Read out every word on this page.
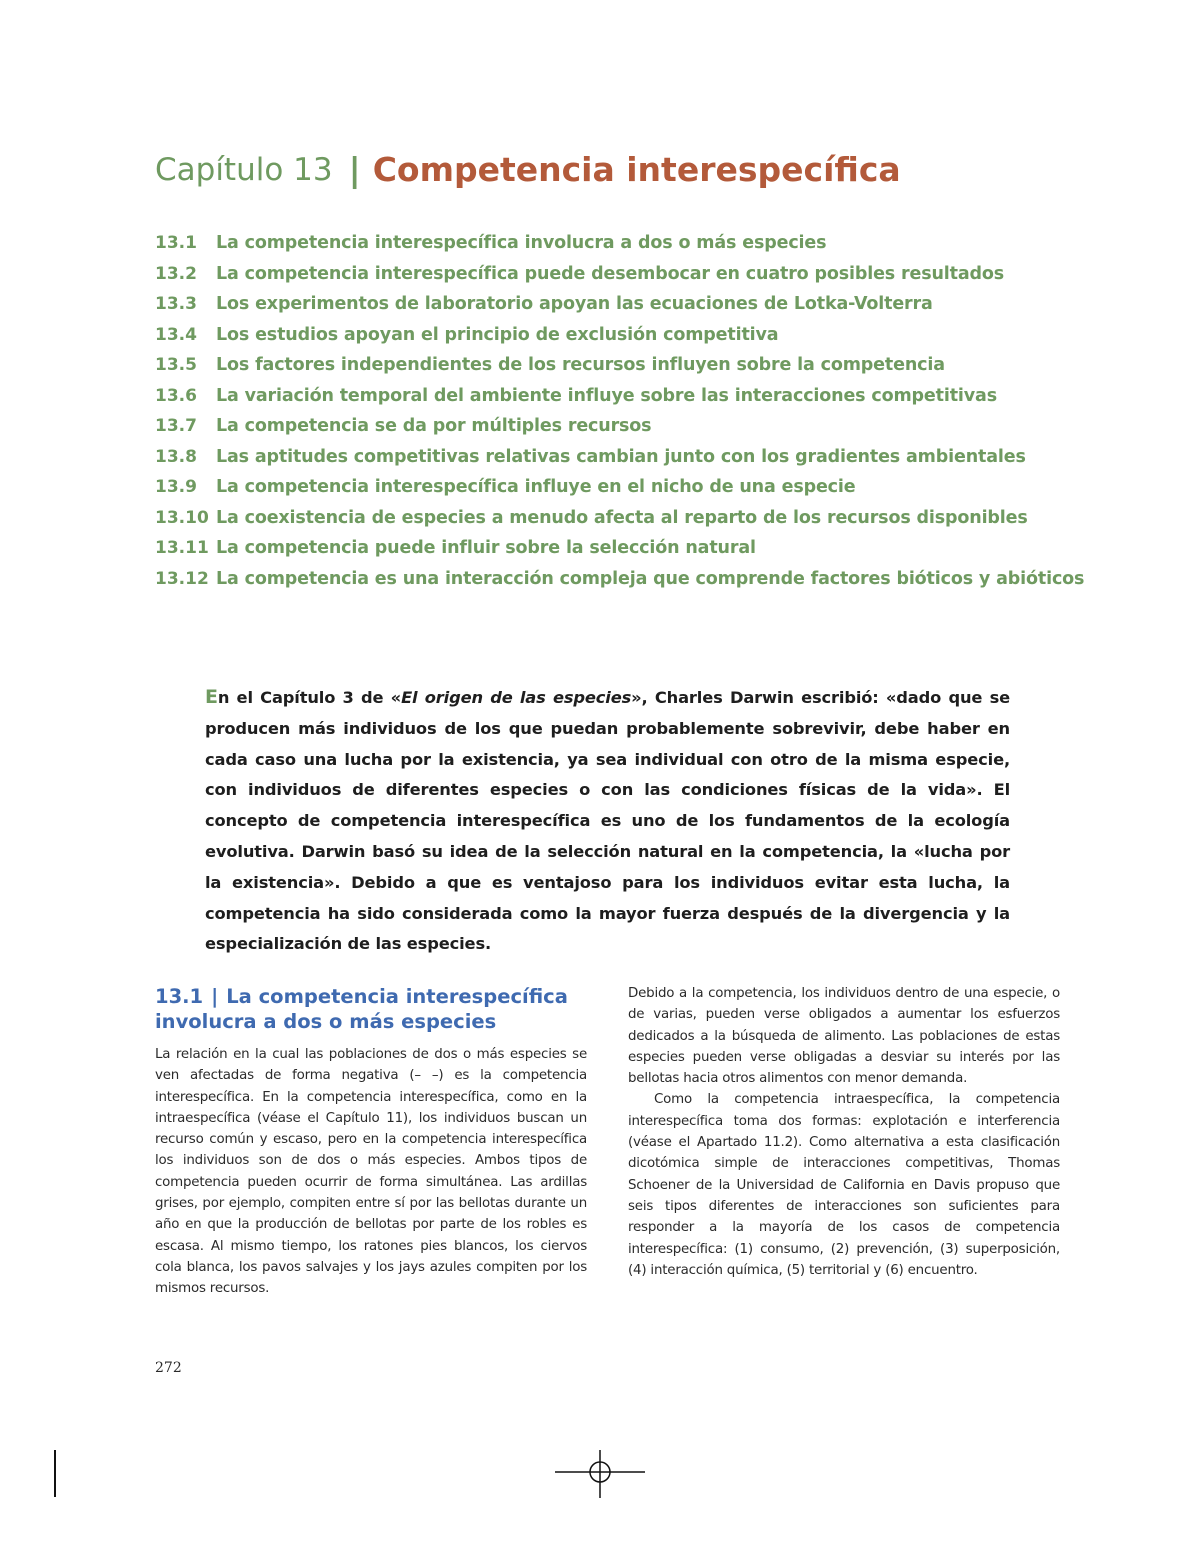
Capítulo 13 | Competencia interespecífica
13.1	La competencia interespecífica involucra a dos o más especies
13.2	La competencia interespecífica puede desembocar en cuatro posibles resultados
13.3	Los experimentos de laboratorio apoyan las ecuaciones de Lotka-Volterra
13.4	Los estudios apoyan el principio de exclusión competitiva
13.5	Los factores independientes de los recursos influyen sobre la competencia
13.6	La variación temporal del ambiente influye sobre las interacciones competitivas
13.7	La competencia se da por múltiples recursos
13.8	Las aptitudes competitivas relativas cambian junto con los gradientes ambientales
13.9	La competencia interespecífica influye en el nicho de una especie
13.10 La coexistencia de especies a menudo afecta al reparto de los recursos disponibles
13.11 La competencia puede influir sobre la selección natural
13.12 La competencia es una interacción compleja que comprende factores bióticos y abióticos
En el Capítulo 3 de «El origen de las especies», Charles Darwin escribió: «dado que se producen más individuos de los que puedan probablemente sobrevivir, debe haber en cada caso una lucha por la existencia, ya sea individual con otro de la misma especie, con individuos de diferentes especies o con las condiciones físicas de la vida». El concepto de competencia interespecífica es uno de los fundamentos de la ecología evolutiva. Darwin basó su idea de la selección natural en la competencia, la «lucha por la existencia». Debido a que es ventajoso para los individuos evitar esta lucha, la competencia ha sido considerada como la mayor fuerza después de la divergencia y la especialización de las especies.
13.1 | La competencia interespecífica involucra a dos o más especies

La relación en la cual las poblaciones de dos o más especies se ven afectadas de forma negativa (– –) es la competencia interespecífica. En la competencia interespecífica, como en la intraespecífica (véase el Capítulo 11), los individuos buscan un recurso común y escaso, pero en la competencia interespecífica los individuos son de dos o más especies. Ambos tipos de competencia pueden ocurrir de forma simultánea. Las ardillas grises, por ejemplo, compiten entre sí por las bellotas durante un año en que la producción de bellotas por parte de los robles es escasa. Al mismo tiempo, los ratones pies blancos, los ciervos cola blanca, los pavos salvajes y los jays azules compiten por los mismos recursos.

Debido a la competencia, los individuos dentro de una especie, o de varias, pueden verse obligados a aumentar los esfuerzos dedicados a la búsqueda de alimento. Las poblaciones de estas especies pueden verse obligadas a desviar su interés por las bellotas hacia otros alimentos con menor demanda.

Como la competencia intraespecífica, la competencia interespecífica toma dos formas: explotación e interferencia (véase el Apartado 11.2). Como alternativa a esta clasificación dicotómica simple de interacciones competitivas, Thomas Schoener de la Universidad de California en Davis propuso que seis tipos diferentes de interacciones son suficientes para responder a la mayoría de los casos de competencia interespecífica: (1) consumo, (2) prevención, (3) superposición, (4) interacción química, (5) territorial y (6) encuentro.

272
